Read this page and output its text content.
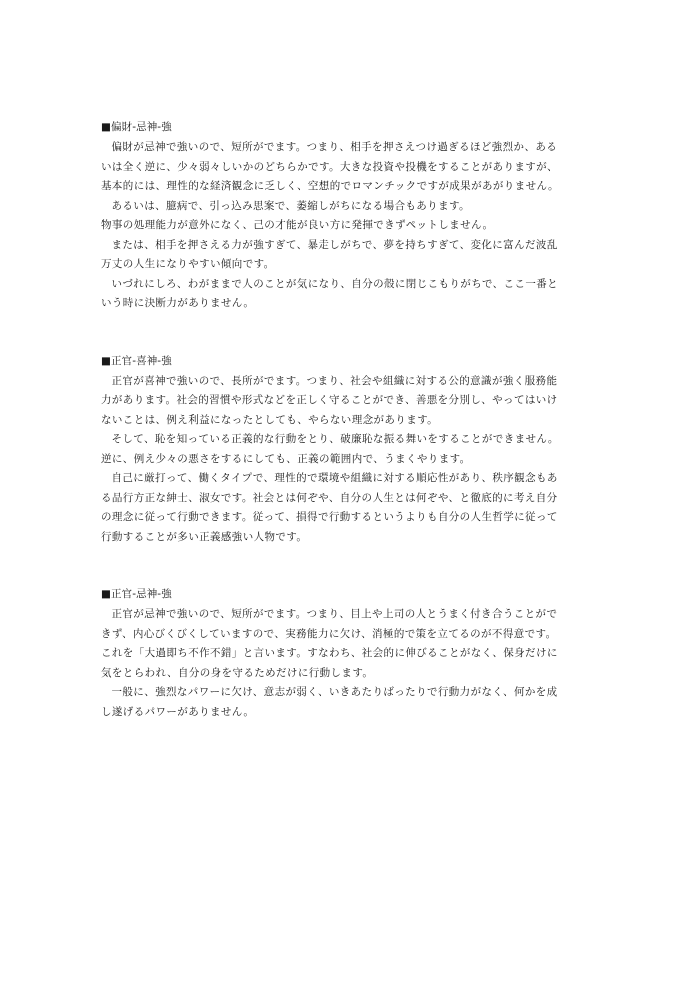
■偏財-忌神-強

偏財が忌神で強いので、短所がでます。つまり、相手を押さえつけ過ぎるほど強烈か、あるいは全く逆に、少々弱々しいかのどちらかです。大きな投資や投機をすることがありますが、基本的には、理性的な経済観念に乏しく、空想的でロマンチックですが成果があがりません。

あるいは、臆病で、引っ込み思案で、萎縮しがちになる場合もあります。

物事の処理能力が意外になく、己の才能が良い方に発揮できずペットしません。

または、相手を押さえる力が強すぎて、暴走しがちで、夢を持ちすぎて、変化に富んだ波乱万丈の人生になりやすい傾向です。

いづれにしろ、わがままで人のことが気になり、自分の殻に閉じこもりがちで、ここ一番という時に決断力がありません。

■正官-喜神-強

正官が喜神で強いので、長所がでます。つまり、社会や組織に対する公的意識が強く服務能力があります。社会的習慣や形式などを正しく守ることができ、善悪を分別し、やってはいけないことは、例え利益になったとしても、やらない理念があります。

そして、恥を知っている正義的な行動をとり、破廉恥な振る舞いをすることができません。逆に、例え少々の悪さをするにしても、正義の範囲内で、うまくやります。

自己に厳打って、働くタイプで、理性的で環境や組織に対する順応性があり、秩序観念もある品行方正な紳士、淑女です。社会とは何ぞや、自分の人生とは何ぞや、と徹底的に考え自分の理念に従って行動できます。従って、損得で行動するというよりも自分の人生哲学に従って行動することが多い正義感強い人物です。

■正官-忌神-強

正官が忌神で強いので、短所がでます。つまり、目上や上司の人とうまく付き合うことができず、内心びくびくしていますので、実務能力に欠け、消極的で策を立てるのが不得意です。これを「大過即ち不作不錯」と言います。すなわち、社会的に伸びることがなく、保身だけに気をとらわれ、自分の身を守るためだけに行動します。

一般に、強烈なパワーに欠け、意志が弱く、いきあたりばったりで行動力がなく、何かを成し遂げるパワーがありません。
